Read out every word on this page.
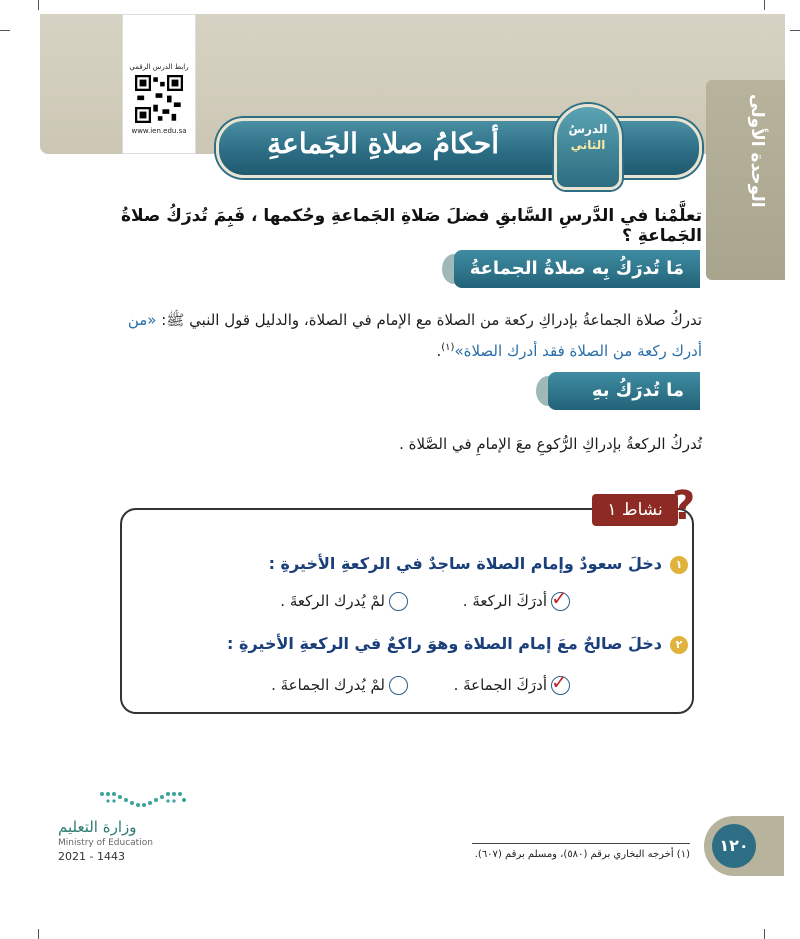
الوحدة الأولى
رابط الدرس الرقمي
www.ien.edu.sa	أحكامُ صلاةِ الجَماعةِ	الدرسُ
الثاني
تعلَّمْنا في الدَّرسِ السَّابقِ فضلَ صَلاةِ الجَماعةِ وحُكمها ، فَبِمَ تُدرَكُ صلاةُ الجَماعةِ ؟
مَا تُدرَكُ بِه صلاةُ الجماعةُ
تدركُ صلاة الجماعةُ بإدراكِ ركعة من الصلاة مع الإمام في الصلاة، والدليل قول النبي ﷺ: «من أدرك ركعة من الصلاة فقد أدرك الصلاة»$^{(١)}$.
ما تُدرَكُ بهِ الركعةُ
تُدركُ الركعةُ بإدراكِ الرُّكوعِ معَ الإمامِ في الصَّلاة .
نشاط ١ ?
١دخلَ سعودٌ وإمام الصلاة ساجدٌ في الركعةِ الأخيرةِ :
✓
أدرَكَ الركعةَ .
لمْ يُدرك الركعةَ .
٢دخلَ صالحٌ معَ إمام الصلاة وهوَ راكعٌ في الركعةِ الأخيرةِ :
✓
أدرَكَ الجماعةَ .
لمْ يُدرك الجماعةَ .
(١) أخرجه البخاري برقم (٥٨٠)، ومسلم برقم (٦٠٧).	١٢٠
وزارة التعليم
Ministry of Education
2021 - 1443
